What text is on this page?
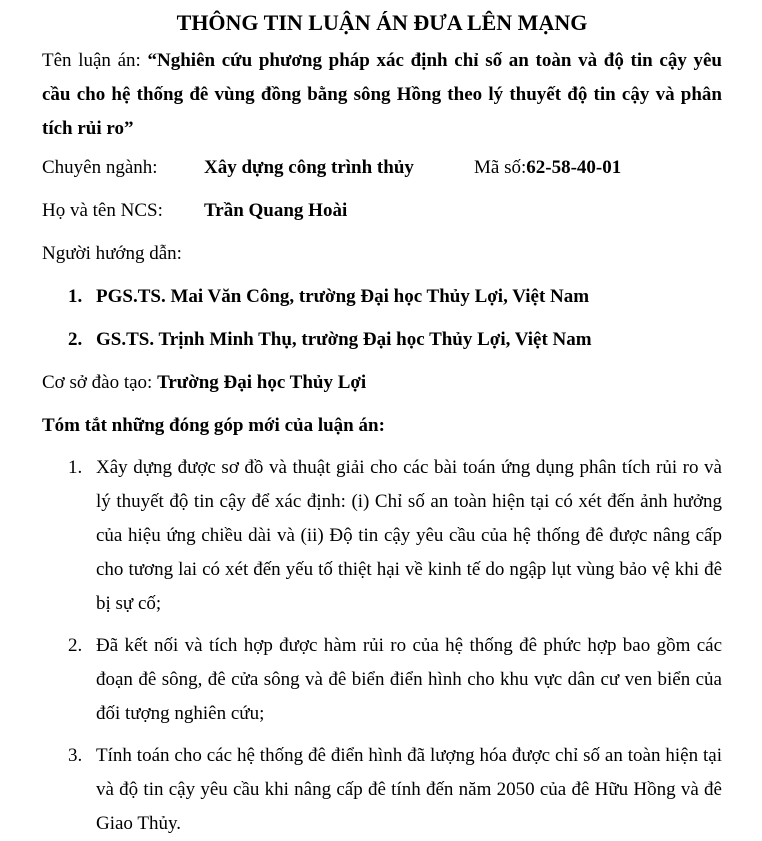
THÔNG TIN LUẬN ÁN ĐƯA LÊN MẠNG

Tên luận án: “Nghiên cứu phương pháp xác định chỉ số an toàn và độ tin cậy yêu cầu cho hệ thống đê vùng đồng bằng sông Hồng theo lý thuyết độ tin cậy và phân tích rủi ro”

Chuyên ngành:	Xây dựng công trình thủy	Mã số: 62-58-40-01
Họ và tên NCS:	Trần Quang Hoài
Người hướng dẫn:
1. PGS.TS. Mai Văn Công, trường Đại học Thủy Lợi, Việt Nam
2. GS.TS. Trịnh Minh Thụ, trường Đại học Thủy Lợi, Việt Nam
Cơ sở đào tạo: Trường Đại học Thủy Lợi
Tóm tắt những đóng góp mới của luận án:
1. Xây dựng được sơ đồ và thuật giải cho các bài toán ứng dụng phân tích rủi ro và lý thuyết độ tin cậy để xác định: (i) Chỉ số an toàn hiện tại có xét đến ảnh hưởng của hiệu ứng chiều dài và (ii) Độ tin cậy yêu cầu của hệ thống đê được nâng cấp cho tương lai có xét đến yếu tố thiệt hại về kinh tế do ngập lụt vùng bảo vệ khi đê bị sự cố;
2. Đã kết nối và tích hợp được hàm rủi ro của hệ thống đê phức hợp bao gồm các đoạn đê sông, đê cửa sông và đê biển điển hình cho khu vực dân cư ven biển của đối tượng nghiên cứu;
3. Tính toán cho các hệ thống đê điển hình đã lượng hóa được chỉ số an toàn hiện tại và độ tin cậy yêu cầu khi nâng cấp đê tính đến năm 2050 của đê Hữu Hồng và đê Giao Thủy.
